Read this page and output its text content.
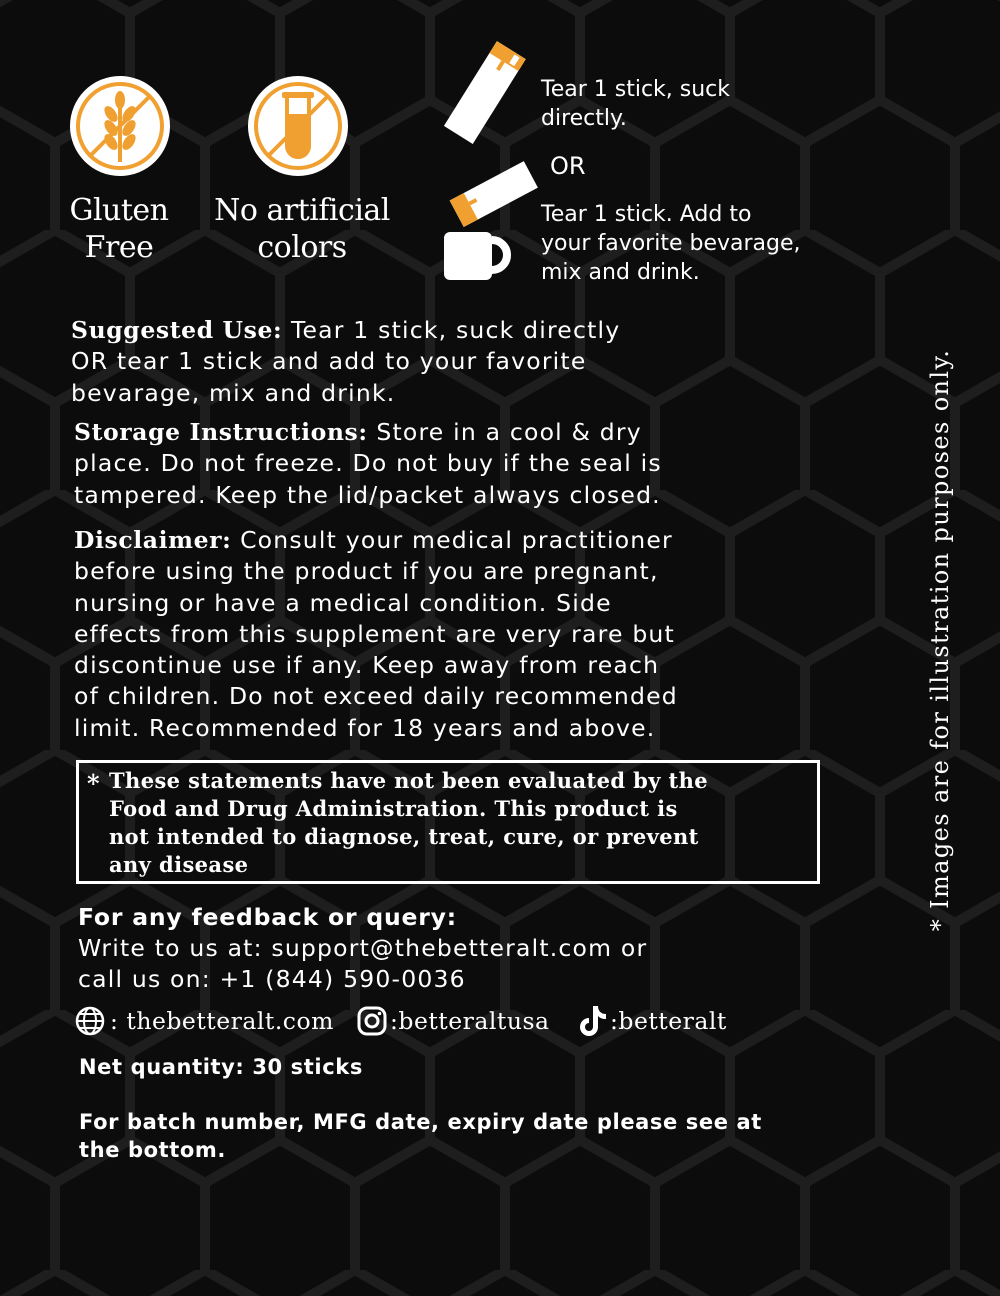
Gluten
Free
No artificial
colors
Tear 1 stick, suck
directly.
OR
Tear 1 stick. Add to
your favorite bevarage,
mix and drink.
Suggested Use: Tear 1 stick, suck directly
OR tear 1 stick and add to your favorite
bevarage, mix and drink.
Storage Instructions: Store in a cool & dry
place. Do not freeze. Do not buy if the seal is
tampered. Keep the lid/packet always closed.
Disclaimer: Consult your medical practitioner
before using the product if you are pregnant,
nursing or have a medical condition. Side
effects from this supplement are very rare but
discontinue use if any. Keep away from reach
of children. Do not exceed daily recommended
limit. Recommended for 18 years and above.
* These statements have not been evaluated by the
Food and Drug Administration. This product is
not intended to diagnose, treat, cure, or prevent
any disease
For any feedback or query:
Write to us at: support@thebetteralt.com or
call us on: +1 (844) 590-0036
: thebetteralt.com :betteraltusa	:betteralt
Net quantity: 30 sticks
For batch number, MFG date, expiry date please see at
the bottom.
* Images are for illustration purposes only.
